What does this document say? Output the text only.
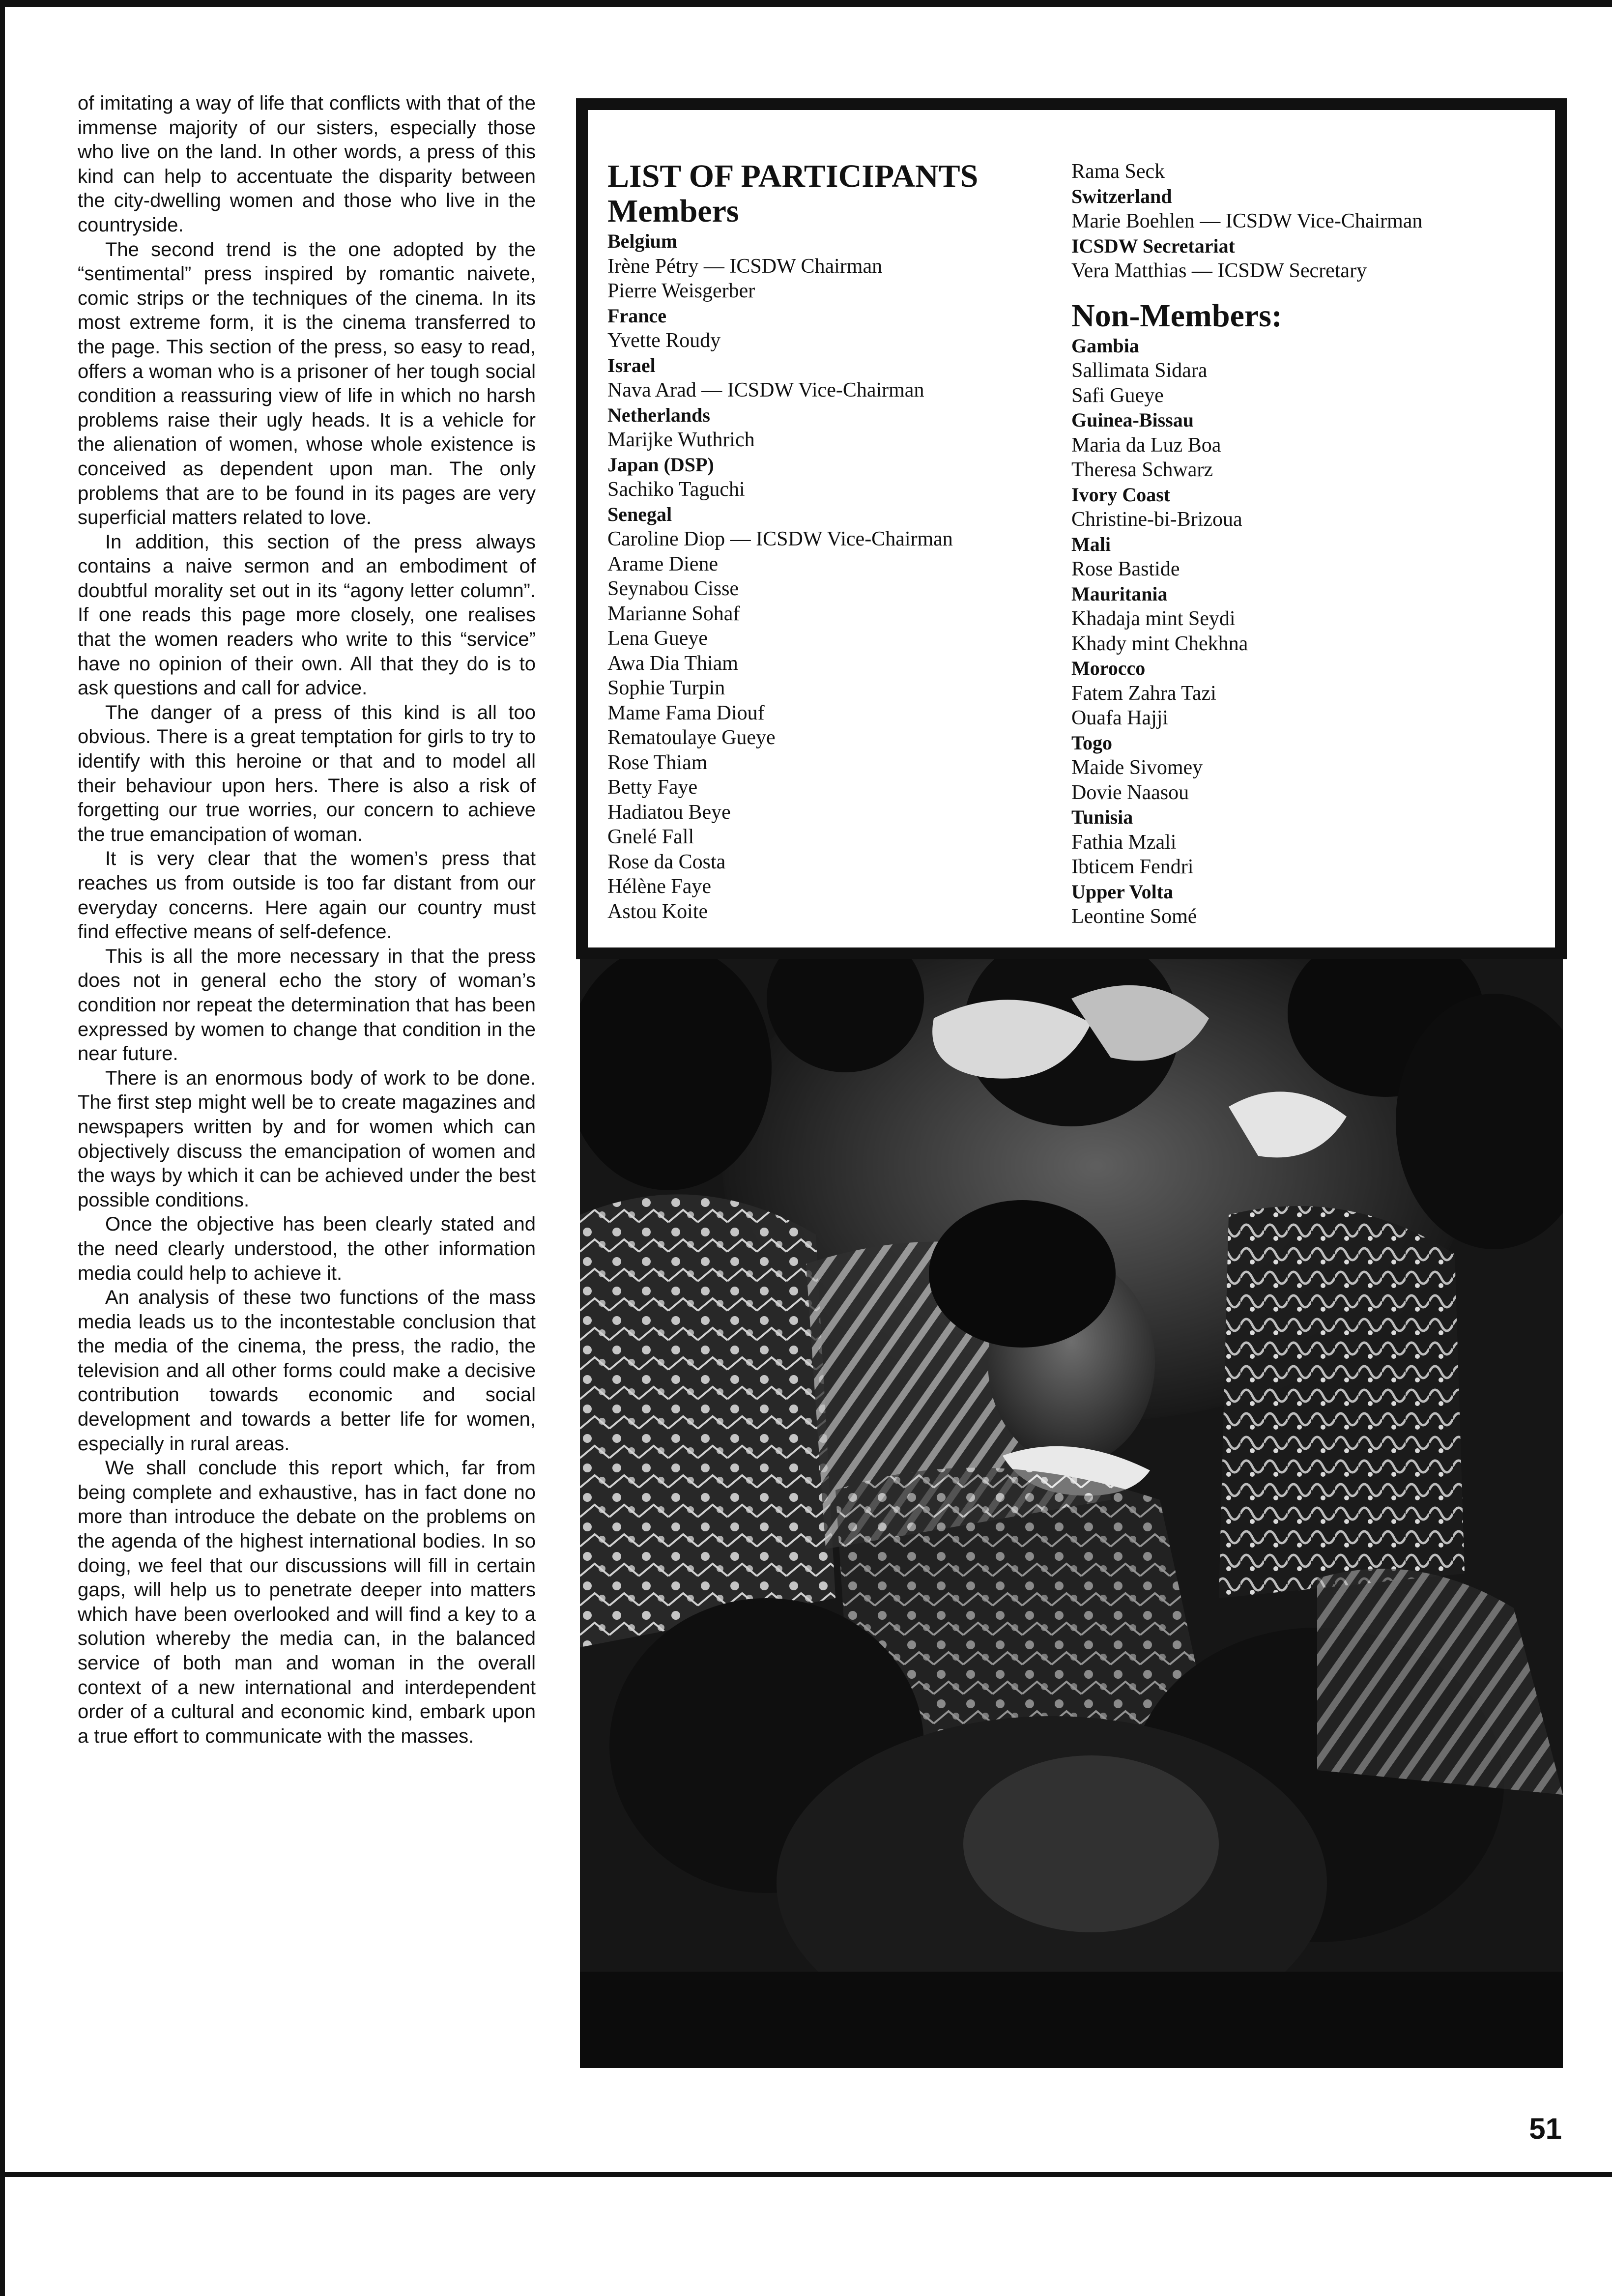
of imitating a way of life that conflicts with that of the immense majority of our sisters, especially those who live on the land. In other words, a press of this kind can help to accentuate the disparity between the city-dwelling women and those who live in the countryside.

The second trend is the one adopted by the “sentimental” press inspired by romantic naivete, comic strips or the techniques of the cinema. In its most extreme form, it is the cinema transferred to the page. This section of the press, so easy to read, offers a woman who is a prisoner of her tough social condition a reassuring view of life in which no harsh problems raise their ugly heads. It is a vehicle for the alienation of women, whose whole existence is conceived as dependent upon man. The only problems that are to be found in its pages are very superficial matters related to love.

In addition, this section of the press always contains a naive sermon and an embodiment of doubtful morality set out in its “agony letter column”. If one reads this page more closely, one realises that the women readers who write to this “service” have no opinion of their own. All that they do is to ask questions and call for advice.

The danger of a press of this kind is all too obvious. There is a great temptation for girls to try to identify with this heroine or that and to model all their behaviour upon hers. There is also a risk of forgetting our true worries, our concern to achieve the true emancipation of woman.

It is very clear that the women’s press that reaches us from outside is too far distant from our everyday concerns. Here again our country must find effective means of self-defence.

This is all the more necessary in that the press does not in general echo the story of woman’s condition nor repeat the determination that has been expressed by women to change that condition in the near future.

There is an enormous body of work to be done. The first step might well be to create magazines and newspapers written by and for women which can objectively discuss the emancipation of women and the ways by which it can be achieved under the best possible conditions.

Once the objective has been clearly stated and the need clearly understood, the other information media could help to achieve it.

An analysis of these two functions of the mass media leads us to the incontestable conclusion that the media of the cinema, the press, the radio, the television and all other forms could make a decisive contribution towards economic and social development and towards a better life for women, especially in rural areas.

We shall conclude this report which, far from being complete and exhaustive, has in fact done no more than introduce the debate on the problems on the agenda of the highest international bodies. In so doing, we feel that our discussions will fill in certain gaps, will help us to penetrate deeper into matters which have been overlooked and will find a key to a solution whereby the media can, in the balanced service of both man and woman in the overall context of a new international and interdependent order of a cultural and economic kind, embark upon a true effort to communicate with the masses.

LIST OF PARTICIPANTS
Members
Belgium
Irène Pétry — ICSDW Chairman
Pierre Weisgerber
France
Yvette Roudy
Israel
Nava Arad — ICSDW Vice-Chairman
Netherlands
Marijke Wuthrich
Japan (DSP)
Sachiko Taguchi
Senegal
Caroline Diop — ICSDW Vice-Chairman
Arame Diene
Seynabou Cisse
Marianne Sohaf
Lena Gueye
Awa Dia Thiam
Sophie Turpin
Mame Fama Diouf
Rematoulaye Gueye
Rose Thiam
Betty Faye
Hadiatou Beye
Gnelé Fall
Rose da Costa
Hélène Faye
Astou Koite
Rama Seck
Switzerland
Marie Boehlen — ICSDW Vice-Chairman
ICSDW Secretariat
Vera Matthias — ICSDW Secretary
Non-Members:
Gambia
Sallimata Sidara
Safi Gueye
Guinea-Bissau
Maria da Luz Boa
Theresa Schwarz
Ivory Coast
Christine-bi-Brizoua
Mali
Rose Bastide
Mauritania
Khadaja mint Seydi
Khady mint Chekhna
Morocco
Fatem Zahra Tazi
Ouafa Hajji
Togo
Maide Sivomey
Dovie Naasou
Tunisia
Fathia Mzali
Ibticem Fendri
Upper Volta
Leontine Somé
51
